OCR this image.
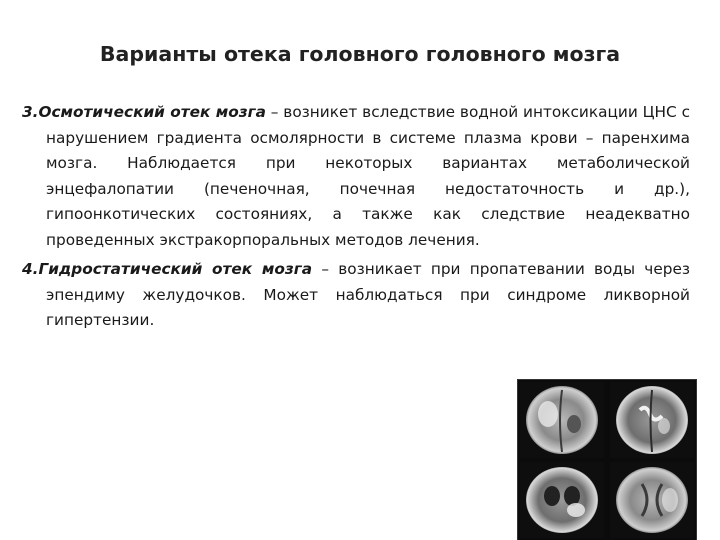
Варианты отека головного головного мозга

3.Осмотический отек мозга – возникет вследствие водной интоксикации ЦНС с нарушением градиента осмолярности в системе плазма крови – паренхима мозга. Наблюдается при некоторых вариантах метаболической энцефалопатии (печеночная, почечная недостаточность и др.), гипоонкотических состояниях, а также как следствие неадекватно проведенных экстракорпоральных методов лечения.

4.Гидростатический отек мозга – возникает при пропатевании воды через эпендиму желудочков. Может наблюдаться при синдроме ликворной гипертензии.
